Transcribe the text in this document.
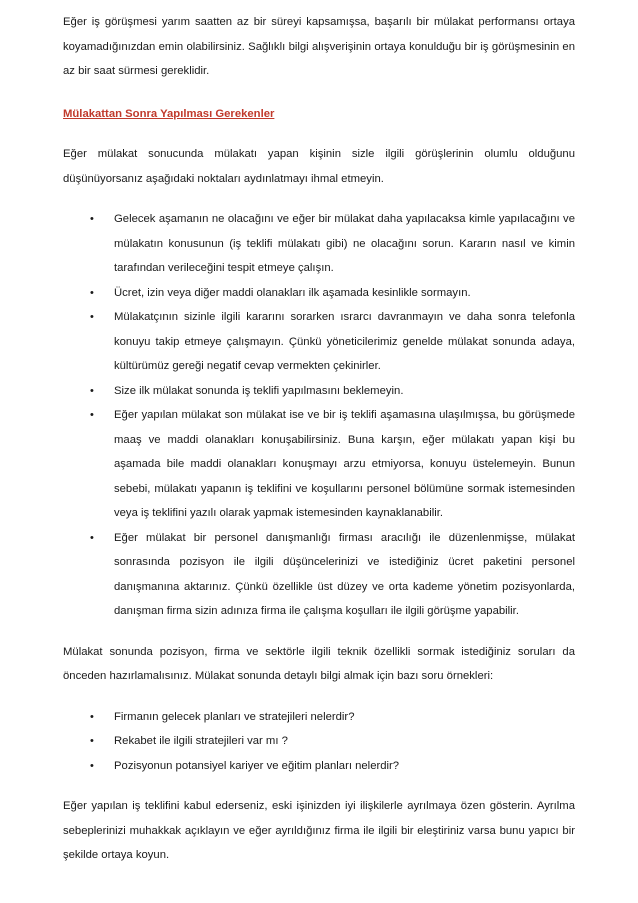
Eğer iş görüşmesi yarım saatten az bir süreyi kapsamışsa, başarılı bir mülakat performansı ortaya koyamadığınızdan emin olabilirsiniz. Sağlıklı bilgi alışverişinin ortaya konulduğu bir iş görüşmesinin en az bir saat sürmesi gereklidir.

Mülakattan Sonra Yapılması Gerekenler

Eğer mülakat sonucunda mülakatı yapan kişinin sizle ilgili görüşlerinin olumlu olduğunu düşünüyorsanız aşağıdaki noktaları aydınlatmayı ihmal etmeyin.

• Gelecek aşamanın ne olacağını ve eğer bir mülakat daha yapılacaksa kimle yapılacağını ve mülakatın konusunun (iş teklifi mülakatı gibi) ne olacağını sorun. Kararın nasıl ve kimin tarafından verileceğini tespit etmeye çalışın.
• Ücret, izin veya diğer maddi olanakları ilk aşamada kesinlikle sormayın.
• Mülakatçının sizinle ilgili kararını sorarken ısrarcı davranmayın ve daha sonra telefonla konuyu takip etmeye çalışmayın. Çünkü yöneticilerimiz genelde mülakat sonunda adaya, kültürümüz gereği negatif cevap vermekten çekinirler.
• Size ilk mülakat sonunda iş teklifi yapılmasını beklemeyin.
• Eğer yapılan mülakat son mülakat ise ve bir iş teklifi aşamasına ulaşılmışsa, bu görüşmede maaş ve maddi olanakları konuşabilirsiniz. Buna karşın, eğer mülakatı yapan kişi bu aşamada bile maddi olanakları konuşmayı arzu etmiyorsa, konuyu üstelemeyin. Bunun sebebi, mülakatı yapanın iş teklifini ve koşullarını personel bölümüne sormak istemesinden veya iş teklifini yazılı olarak yapmak istemesinden kaynaklanabilir.
• Eğer mülakat bir personel danışmanlığı firması aracılığı ile düzenlenmişse, mülakat sonrasında pozisyon ile ilgili düşüncelerinizi ve istediğiniz ücret paketini personel danışmanına aktarınız. Çünkü özellikle üst düzey ve orta kademe yönetim pozisyonlarda, danışman firma sizin adınıza firma ile çalışma koşulları ile ilgili görüşme yapabilir.

Mülakat sonunda pozisyon, firma ve sektörle ilgili teknik özellikli sormak istediğiniz soruları da önceden hazırlamalısınız. Mülakat sonunda detaylı bilgi almak için bazı soru örnekleri:

• Firmanın gelecek planları ve stratejileri nelerdir?
• Rekabet ile ilgili stratejileri var mı ?
• Pozisyonun potansiyel kariyer ve eğitim planları nelerdir?

Eğer yapılan iş teklifini kabul ederseniz, eski işinizden iyi ilişkilerle ayrılmaya özen gösterin. Ayrılma sebeplerinizi muhakkak açıklayın ve eğer ayrıldığınız firma ile ilgili bir eleştiriniz varsa bunu yapıcı bir şekilde ortaya koyun.
